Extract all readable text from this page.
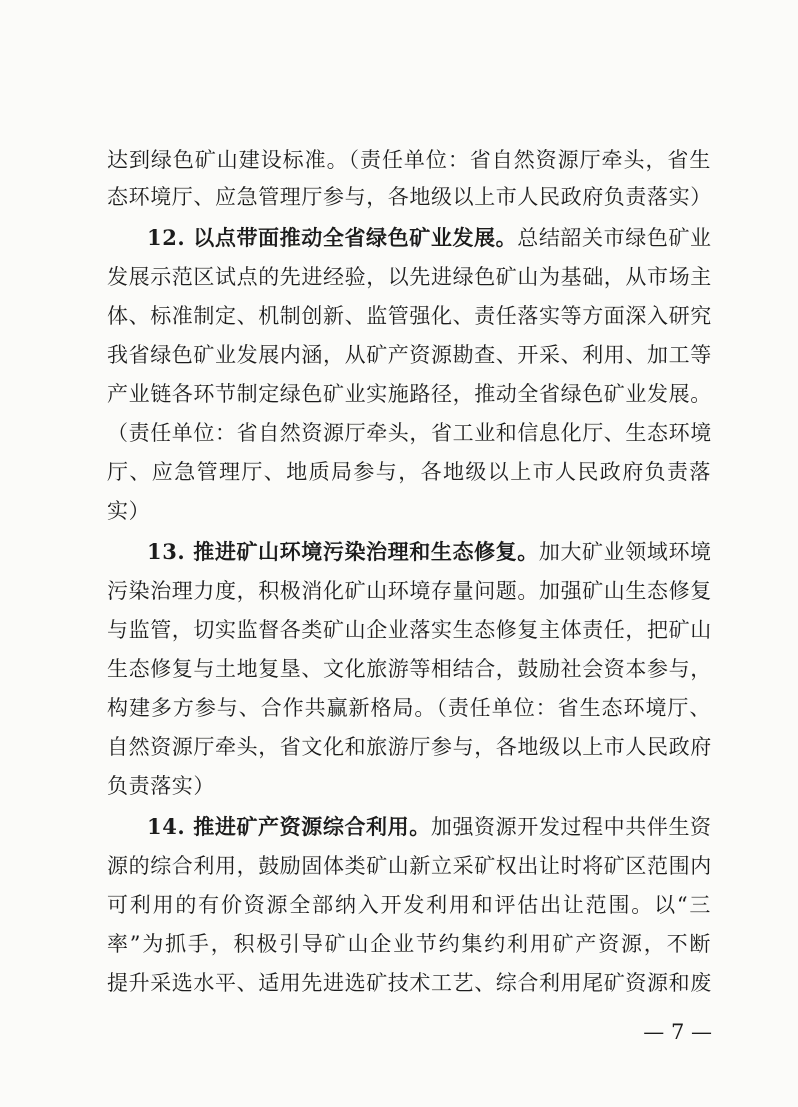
达到绿色矿山建设标准。（责任单位：省自然资源厅牵头，省生
态环境厅、应急管理厅参与，各地级以上市人民政府负责落实）
12. 以点带面推动全省绿色矿业发展。总结韶关市绿色矿业
发展示范区试点的先进经验，以先进绿色矿山为基础，从市场主
体、标准制定、机制创新、监管强化、责任落实等方面深入研究
我省绿色矿业发展内涵，从矿产资源勘查、开采、利用、加工等
产业链各环节制定绿色矿业实施路径，推动全省绿色矿业发展。
（责任单位：省自然资源厅牵头，省工业和信息化厅、生态环境
厅、应急管理厅、地质局参与，各地级以上市人民政府负责落
实）
13. 推进矿山环境污染治理和生态修复。加大矿业领域环境
污染治理力度，积极消化矿山环境存量问题。加强矿山生态修复
与监管，切实监督各类矿山企业落实生态修复主体责任，把矿山
生态修复与土地复垦、文化旅游等相结合，鼓励社会资本参与，
构建多方参与、合作共赢新格局。（责任单位：省生态环境厅、
自然资源厅牵头，省文化和旅游厅参与，各地级以上市人民政府
负责落实）
14. 推进矿产资源综合利用。加强资源开发过程中共伴生资
源的综合利用，鼓励固体类矿山新立采矿权出让时将矿区范围内
可利用的有价资源全部纳入开发利用和评估出让范围。以“三
率”为抓手，积极引导矿山企业节约集约利用矿产资源，不断
提升采选水平、适用先进选矿技术工艺、综合利用尾矿资源和废
— 7 —
